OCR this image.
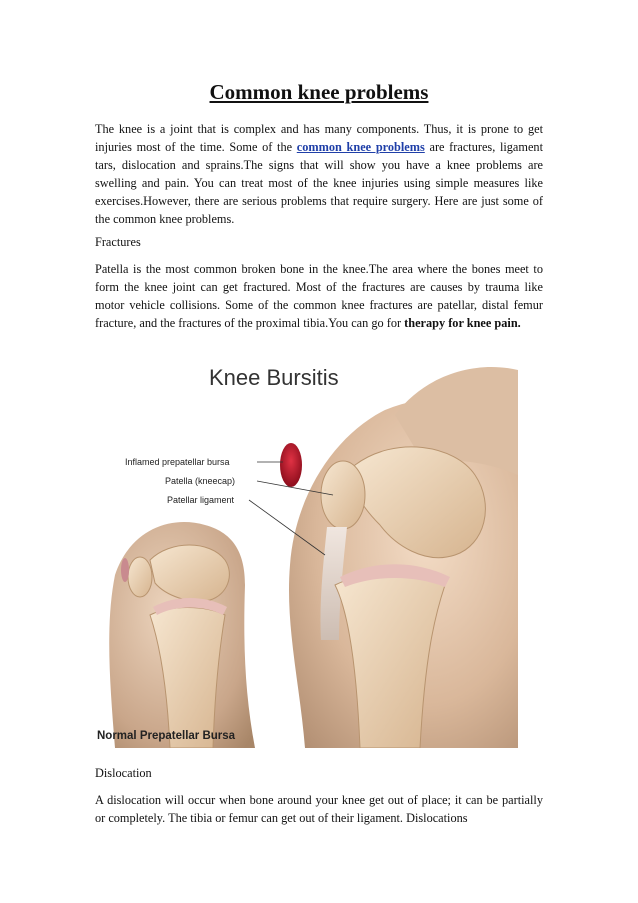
Common knee problems

The knee is a joint that is complex and has many components. Thus, it is prone to get injuries most of the time. Some of the common knee problems are fractures, ligament tars, dislocation and sprains.The signs that will show you have a knee problems are swelling and pain. You can treat most of the knee injuries using simple measures like exercises.However, there are serious problems that require surgery. Here are just some of the common knee problems.

Fractures

Patella is the most common broken bone in the knee.The area where the bones meet to form the knee joint can get fractured. Most of the fractures are causes by trauma like motor vehicle collisions. Some of the common knee fractures are patellar, distal femur fracture, and the fractures of the proximal tibia.You can go for therapy for knee pain.

Knee Bursitis
Inflamed prepatellar bursa
Patella (kneecap)
Patellar ligament
Normal Prepatellar Bursa

Dislocation

A dislocation will occur when bone around your knee get out of place; it can be partially or completely. The tibia or femur can get out of their ligament. Dislocations
